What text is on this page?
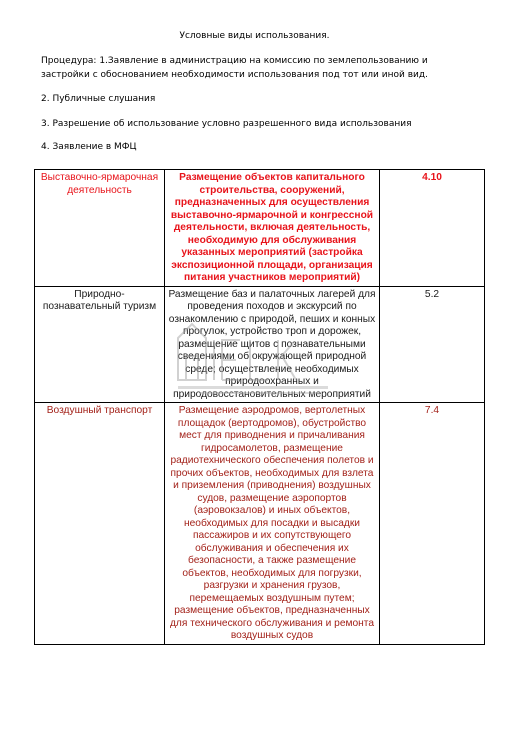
Условные виды использования.
Процедура: 1.Заявление в администрацию на комиссию по землепользованию и застройки с обоснованием необходимости использования под тот или иной вид.
2. Публичные слушания
3. Разрешение об использование условно разрешенного вида использования
4. Заявление в МФЦ
Выставочно-ярмарочная деятельность	Размещение объектов капитального строительства, сооружений, предназначенных для осуществления выставочно-ярмарочной и конгрессной деятельности, включая деятельность, необходимую для обслуживания указанных мероприятий (застройка экспозиционной площади, организация питания участников мероприятий)	4.10
Природно-познавательный туризм	Размещение баз и палаточных лагерей для проведения походов и экскурсий по ознакомлению с природой, пеших и конных прогулок, устройство троп и дорожек, размещение щитов с познавательными сведениями об окружающей природной среде; осуществление необходимых природоохранных и природовосстановительных мероприятий	5.2
Воздушный транспорт	Размещение аэродромов, вертолетных площадок (вертодромов), обустройство мест для приводнения и причаливания гидросамолетов, размещение радиотехнического обеспечения полетов и прочих объектов, необходимых для взлета и приземления (приводнения) воздушных судов, размещение аэропортов (аэровокзалов) и иных объектов, необходимых для посадки и высадки пассажиров и их сопутствующего обслуживания и обеспечения их безопасности, а также размещение объектов, необходимых для погрузки, разгрузки и хранения грузов, перемещаемых воздушным путем; размещение объектов, предназначенных для технического обслуживания и ремонта воздушных судов	7.4
